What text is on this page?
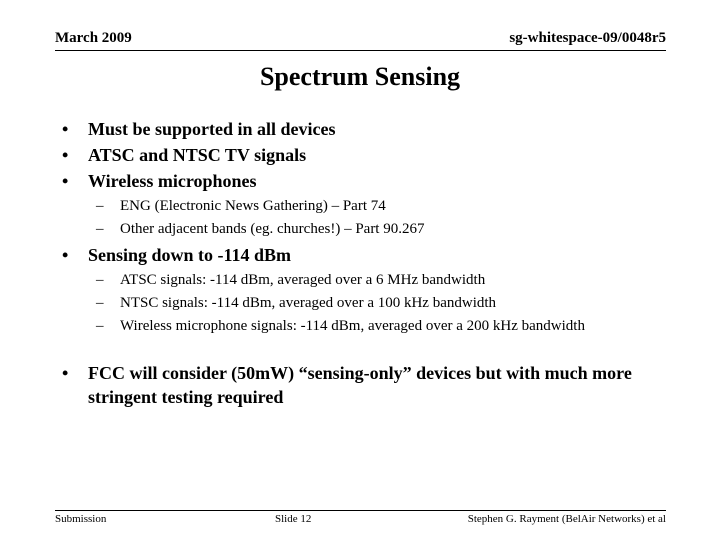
March 2009	sg-whitespace-09/0048r5
Spectrum Sensing
•	Must be supported in all devices
•	ATSC and NTSC TV signals
•	Wireless microphones
– ENG (Electronic News Gathering) – Part 74
– Other adjacent bands (eg. churches!) – Part 90.267
•	Sensing down to -114 dBm
– ATSC signals: -114 dBm, averaged over a 6 MHz bandwidth
– NTSC signals: -114 dBm, averaged over a 100 kHz bandwidth
– Wireless microphone signals: -114 dBm, averaged over a 200 kHz bandwidth
•	FCC will consider (50mW) “sensing-only” devices but with much more stringent testing required
Submission	Slide 12	Stephen G. Rayment (BelAir Networks) et al
